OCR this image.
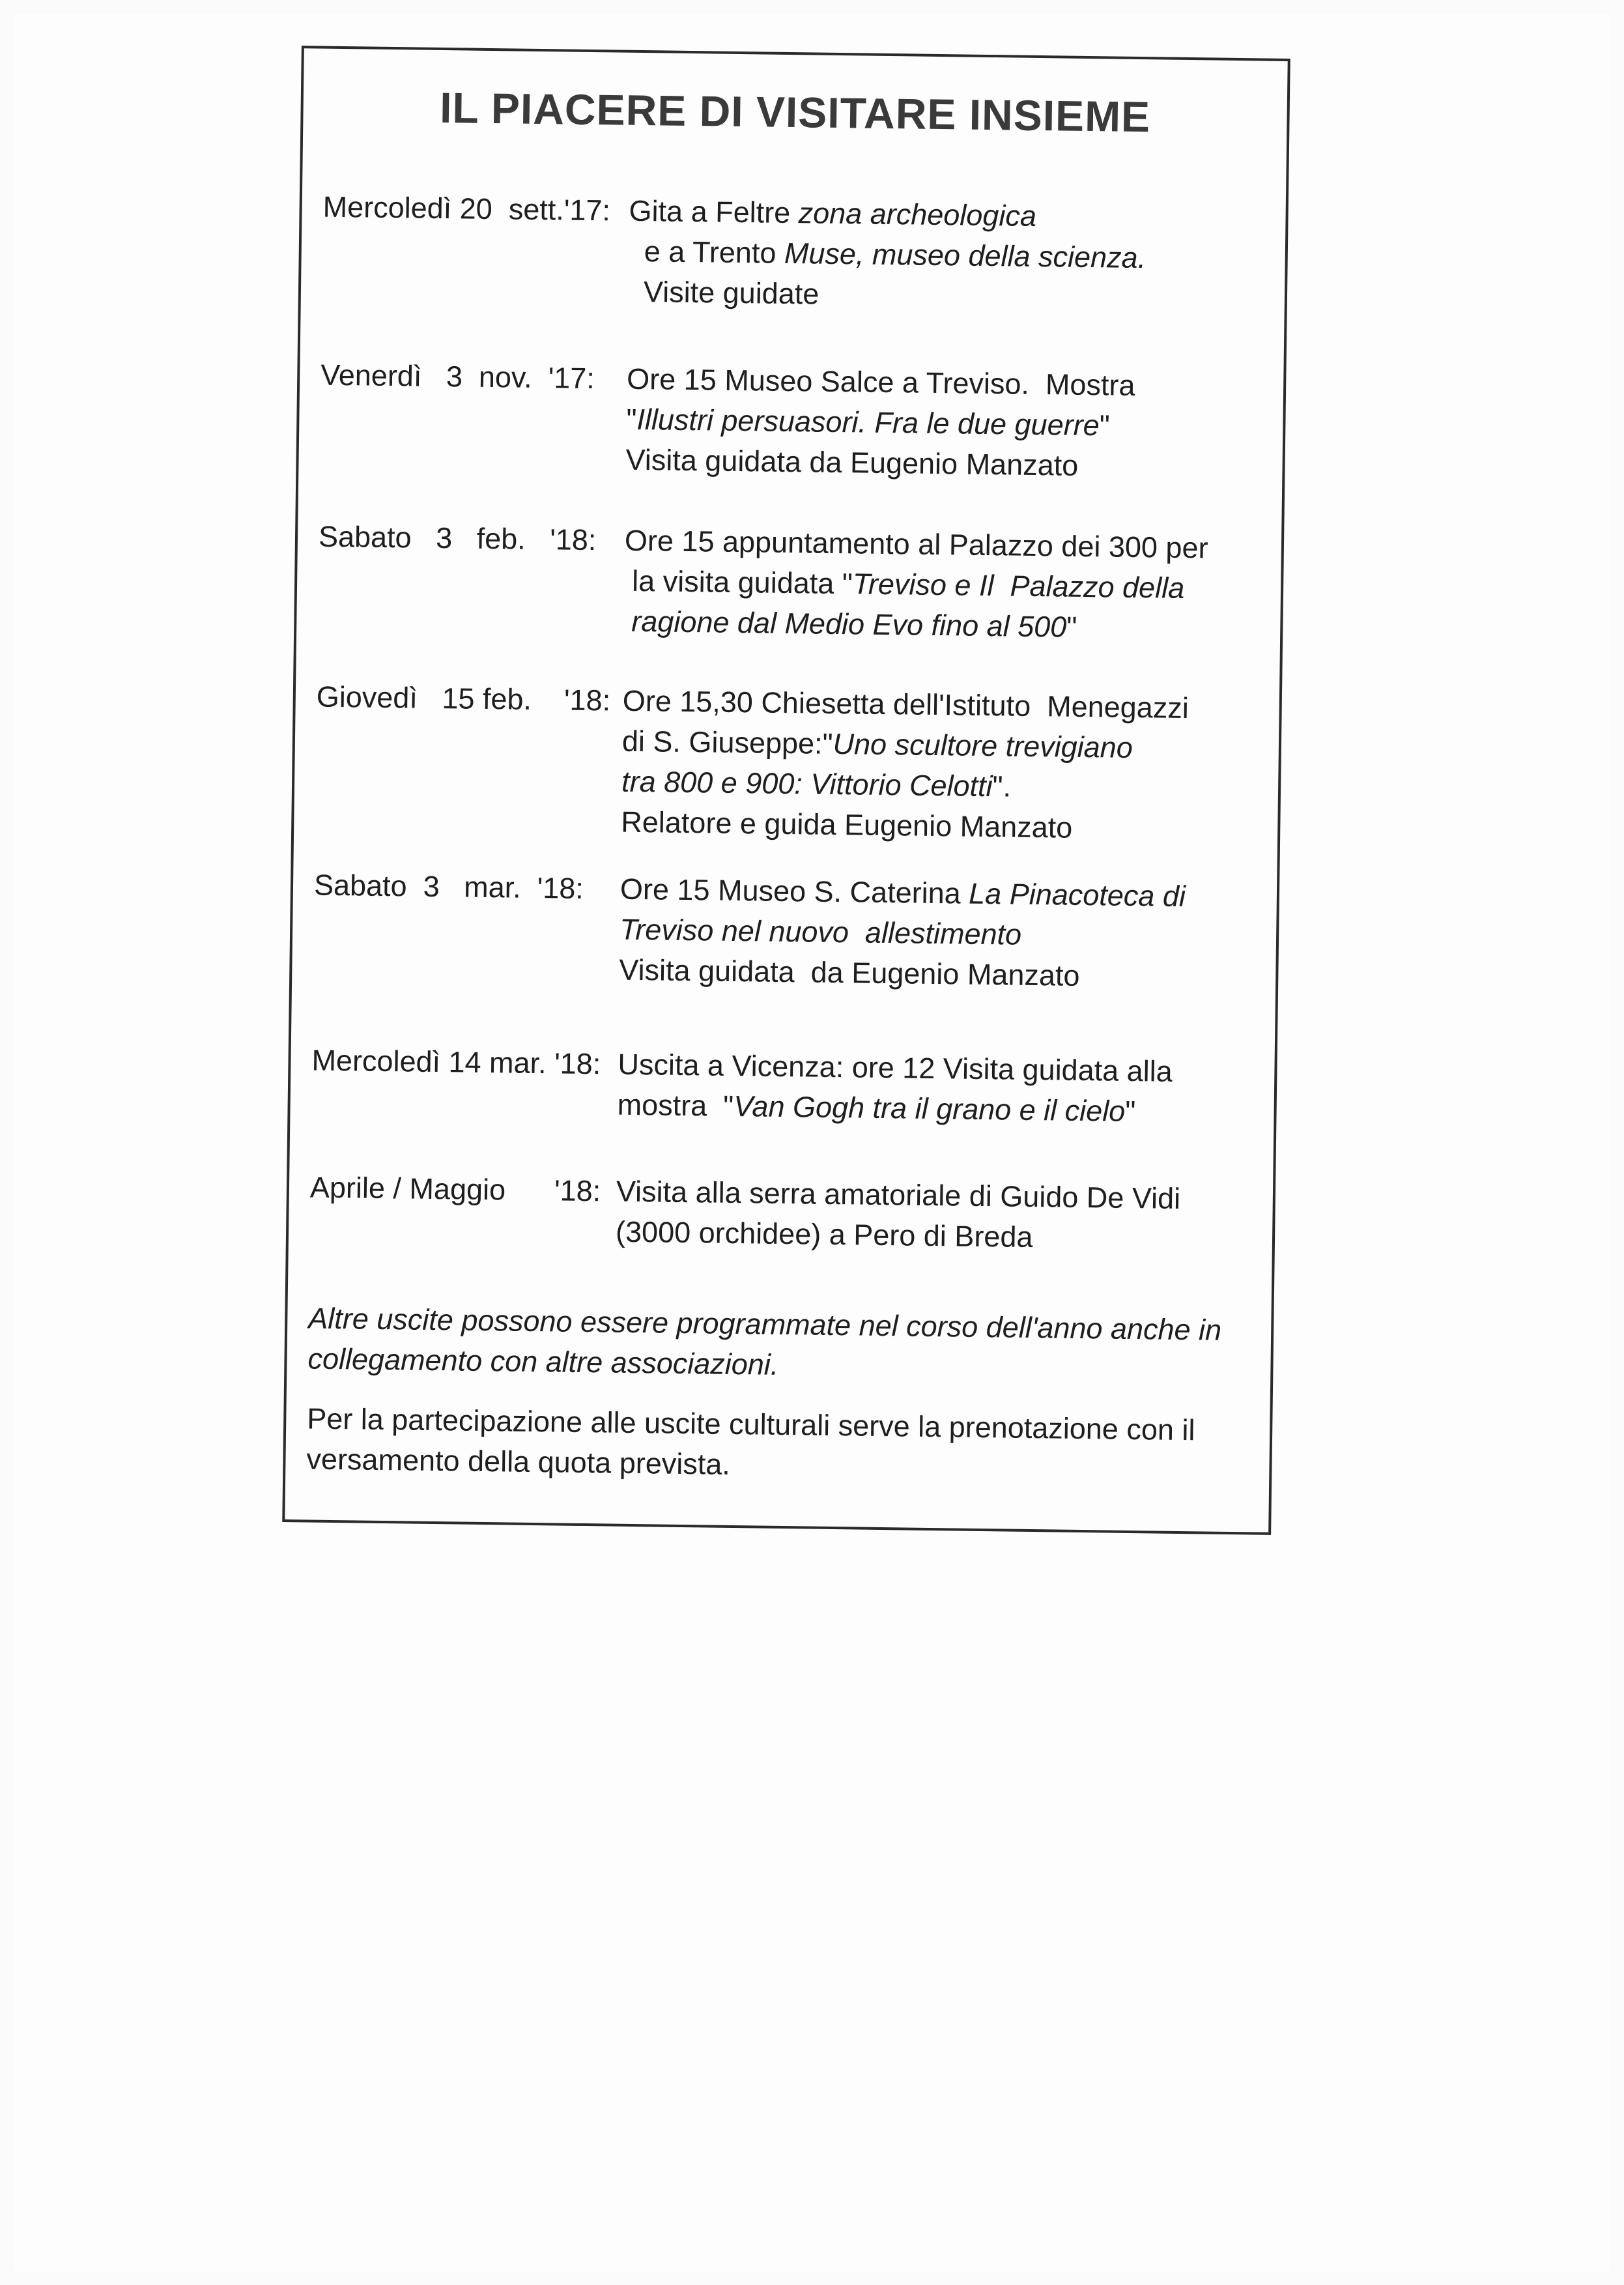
IL PIACERE DI VISITARE INSIEME
Mercoledì 20  sett.'17: Gita a Feltre zona archeologica
e a Trento Muse, museo della scienza.
Visite guidate
Venerdì   3  nov.  '17: Ore 15 Museo Salce a Treviso.  Mostra
"Illustri persuasori. Fra le due guerre"
Visita guidata da Eugenio Manzato
Sabato   3   feb.   '18: Ore 15 appuntamento al Palazzo dei 300 per
la visita guidata "Treviso e Il  Palazzo della
ragione dal Medio Evo fino al 500"
Giovedì   15 feb.    '18: Ore 15,30 Chiesetta dell'Istituto  Menegazzi
di S. Giuseppe:"Uno scultore trevigiano
tra 800 e 900: Vittorio Celotti".
Relatore e guida Eugenio Manzato
Sabato  3   mar.  '18: Ore 15 Museo S. Caterina La Pinacoteca di
Treviso nel nuovo  allestimento
Visita guidata  da Eugenio Manzato
Mercoledì 14 mar. '18: Uscita a Vicenza: ore 12 Visita guidata alla
mostra  "Van Gogh tra il grano e il cielo"
Aprile / Maggio      '18: Visita alla serra amatoriale di Guido De Vidi
(3000 orchidee) a Pero di Breda
Altre uscite possono essere programmate nel corso dell'anno anche in collegamento con altre associazioni.
Per la partecipazione alle uscite culturali serve la prenotazione con il versamento della quota prevista.
